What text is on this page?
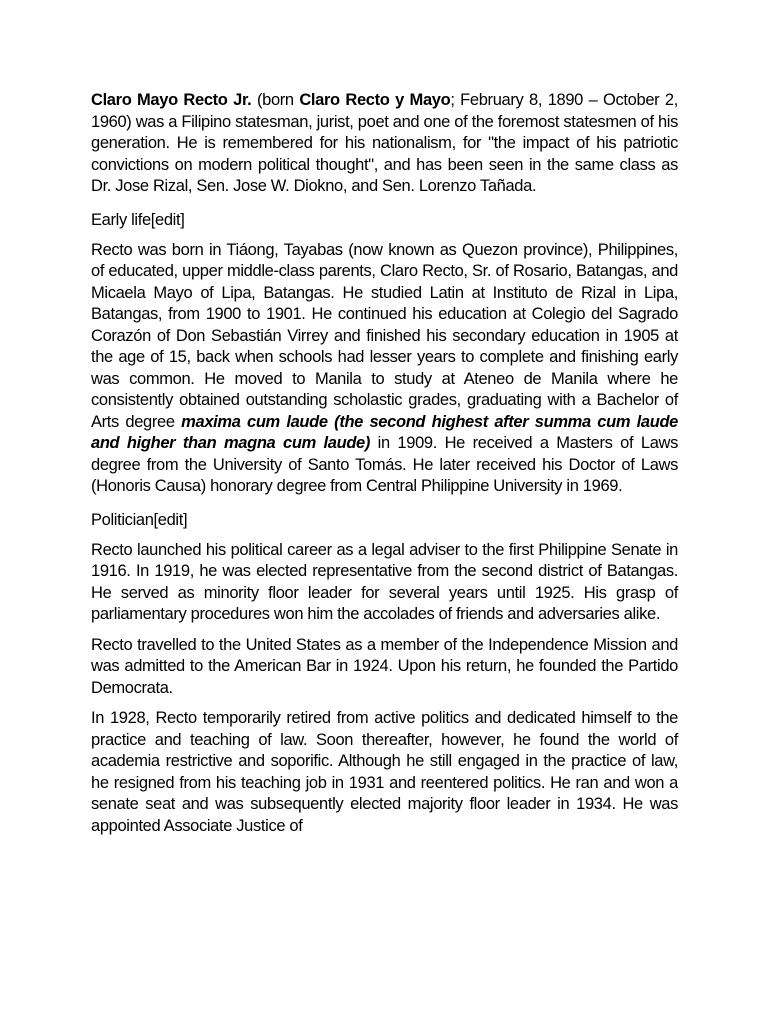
Claro Mayo Recto Jr. (born Claro Recto y Mayo; February 8, 1890 – October 2, 1960) was a Filipino statesman, jurist, poet and one of the foremost statesmen of his generation. He is remembered for his nationalism, for "the impact of his patriotic convictions on modern political thought", and has been seen in the same class as Dr. Jose Rizal, Sen. Jose W. Diokno, and Sen. Lorenzo Tañada.

Early life[edit]

Recto was born in Tiáong, Tayabas (now known as Quezon province), Philippines, of educated, upper middle-class parents, Claro Recto, Sr. of Rosario, Batangas, and Micaela Mayo of Lipa, Batangas. He studied Latin at Instituto de Rizal in Lipa, Batangas, from 1900 to 1901. He continued his education at Colegio del Sagrado Corazón of Don Sebastián Virrey and finished his secondary education in 1905 at the age of 15, back when schools had lesser years to complete and finishing early was common. He moved to Manila to study at Ateneo de Manila where he consistently obtained outstanding scholastic grades, graduating with a Bachelor of Arts degree maxima cum laude (the second highest after summa cum laude and higher than magna cum laude) in 1909. He received a Masters of Laws degree from the University of Santo Tomás. He later received his Doctor of Laws (Honoris Causa) honorary degree from Central Philippine University in 1969.

Politician[edit]

Recto launched his political career as a legal adviser to the first Philippine Senate in 1916. In 1919, he was elected representative from the second district of Batangas. He served as minority floor leader for several years until 1925. His grasp of parliamentary procedures won him the accolades of friends and adversaries alike.

Recto travelled to the United States as a member of the Independence Mission and was admitted to the American Bar in 1924. Upon his return, he founded the Partido Democrata.

In 1928, Recto temporarily retired from active politics and dedicated himself to the practice and teaching of law. Soon thereafter, however, he found the world of academia restrictive and soporific. Although he still engaged in the practice of law, he resigned from his teaching job in 1931 and reentered politics. He ran and won a senate seat and was subsequently elected majority floor leader in 1934. He was appointed Associate Justice of
